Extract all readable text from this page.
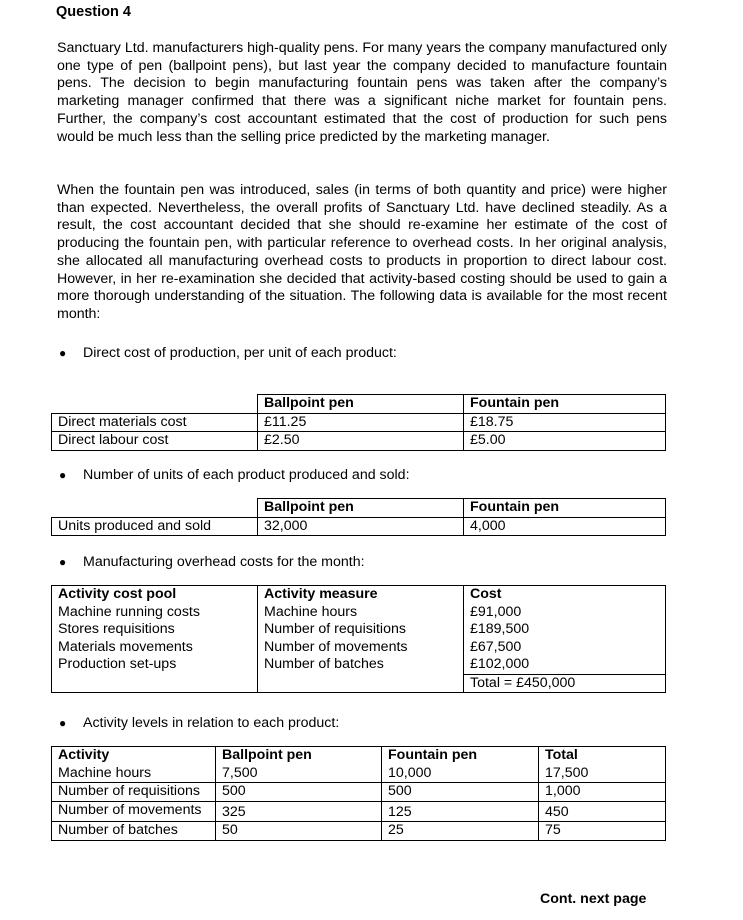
Question 4

Sanctuary Ltd. manufacturers high-quality pens. For many years the company manufactured only one type of pen (ballpoint pens), but last year the company decided to manufacture fountain pens. The decision to begin manufacturing fountain pens was taken after the company’s marketing manager confirmed that there was a significant niche market for fountain pens. Further, the company’s cost accountant estimated that the cost of production for such pens would be much less than the selling price predicted by the marketing manager.

When the fountain pen was introduced, sales (in terms of both quantity and price) were higher than expected. Nevertheless, the overall profits of Sanctuary Ltd. have declined steadily. As a result, the cost accountant decided that she should re-examine her estimate of the cost of producing the fountain pen, with particular reference to overhead costs. In her original analysis, she allocated all manufacturing overhead costs to products in proportion to direct labour cost. However, in her re-examination she decided that activity-based costing should be used to gain a more thorough understanding of the situation. The following data is available for the most recent month:

● Direct cost of production, per unit of each product:
	Ballpoint pen	Fountain pen
Direct materials cost	£11.25	£18.75
Direct labour cost	£2.50	£5.00
● Number of units of each product produced and sold:
	Ballpoint pen	Fountain pen
Units produced and sold	32,000	4,000
● Manufacturing overhead costs for the month:
Activity cost pool	Activity measure	Cost
Machine running costs	Machine hours	£91,000
Stores requisitions	Number of requisitions	£189,500
Materials movements	Number of movements	£67,500
Production set-ups	Number of batches	£102,000
		Total = £450,000
● Activity levels in relation to each product:
Activity	Ballpoint pen	Fountain pen	Total
Machine hours	7,500	10,000	17,500
Number of requisitions	500	500	1,000
Number of movements	325	125	450
Number of batches	50	25	75
Cont. next page
